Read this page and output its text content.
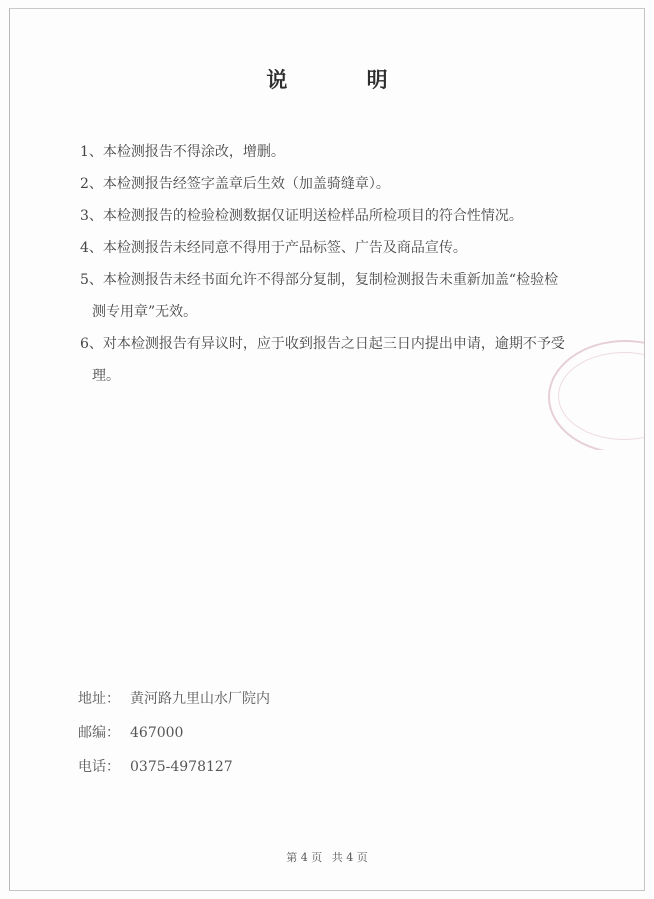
说 明
1、本检测报告不得涂改，增删。
2、本检测报告经签字盖章后生效（加盖骑缝章）。
3、本检测报告的检验检测数据仅证明送检样品所检项目的符合性情况。
4、本检测报告未经同意不得用于产品标签、广告及商品宣传。
5、本检测报告未经书面允许不得部分复制，复制检测报告未重新加盖“检验检
测专用章”无效。
6、对本检测报告有异议时，应于收到报告之日起三日内提出申请，逾期不予受
理。
地址： 黄河路九里山水厂院内
邮编： 467000
电话： 0375-4978127
第 4 页 共 4 页
